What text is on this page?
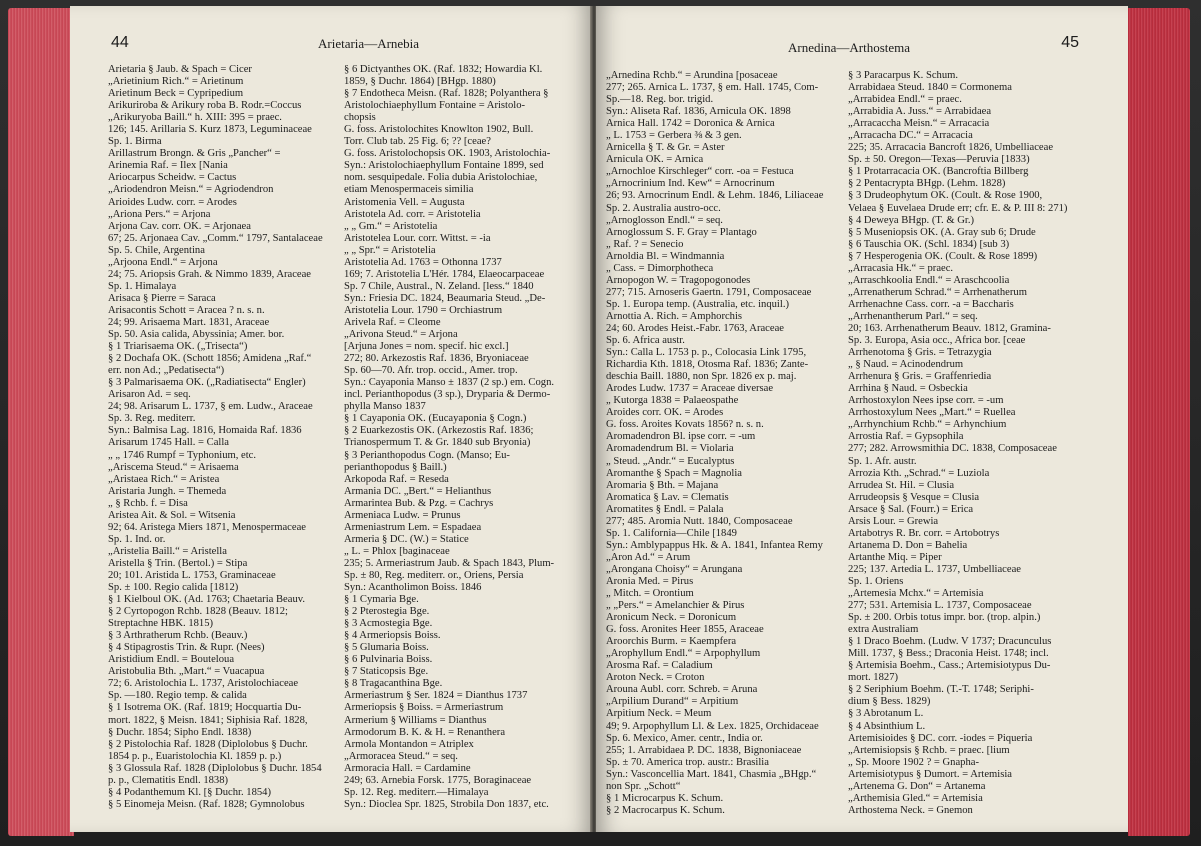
44	Arietaria—Arnebia
Arietaria § Jaub. & Spach = Cicer
„Arietinium Rich.“ = Arietinum
Arietinum Beck = Cypripedium
Arikuriroba & Arikury roba B. Rodr.=Coccus
„Arikuryoba Baill.“ h. XIII: 395 = praec.
126; 145. Arillaria S. Kurz 1873, Leguminaceae
Sp. 1. Birma
Arillastrum Brongn. & Gris „Pancher“ =
Arinemia Raf. = Ilex [Nania
Ariocarpus Scheidw. = Cactus
„Ariodendron Meisn.“ = Agriodendron
Arioides Ludw. corr. = Arodes
„Ariona Pers.“ = Arjona
Arjona Cav. corr. OK. = Arjonaea
67; 25. Arjonaea Cav. „Comm.“ 1797, Santalaceae
Sp. 5. Chile, Argentina
„Arjoona Endl.“ = Arjona
24; 75. Ariopsis Grah. & Nimmo 1839, Araceae
Sp. 1. Himalaya
Arisaca § Pierre = Saraca
Arisacontis Schott = Aracea ? n. s. n.
24; 99. Arisaema Mart. 1831, Araceae
Sp. 50. Asia calida, Abyssinia; Amer. bor.
§ 1 Triarisaema OK. („Trisecta“)
§ 2 Dochafa OK. (Schott 1856; Amidena „Raf.“
err. non Ad.; „Pedatisecta“)
§ 3 Palmarisaema OK. („Radiatisecta“ Engler)
Arisaron Ad. = seq.
24; 98. Arisarum L. 1737, § em. Ludw., Araceae
Sp. 3. Reg. mediterr.
Syn.: Balmisa Lag. 1816, Homaida Raf. 1836
Arisarum 1745 Hall. = Calla
„ „ 1746 Rumpf = Typhonium, etc.
„Ariscema Steud.“ = Arisaema
„Aristaea Rich.“ = Aristea
Aristaria Jungh. = Themeda
„ § Rchb. f. = Disa
Aristea Ait. & Sol. = Witsenia
92; 64. Aristega Miers 1871, Menospermaceae
Sp. 1. Ind. or.
„Aristelia Baill.“ = Aristella
Aristella § Trin. (Bertol.) = Stipa
20; 101. Aristida L. 1753, Graminaceae
Sp. ± 100. Regio calida [1812)
§ 1 Kielboul OK. (Ad. 1763; Chaetaria Beauv.
§ 2 Cyrtopogon Rchb. 1828 (Beauv. 1812;
Streptachne HBK. 1815)
§ 3 Arthratherum Rchb. (Beauv.)
§ 4 Stipagrostis Trin. & Rupr. (Nees)
Aristidium Endl. = Bouteloua
Aristobulia Bth. „Mart.“ = Vuacapua
72; 6. Aristolochia L. 1737, Aristolochiaceae
Sp. —180. Regio temp. & calida
§ 1 Isotrema OK. (Raf. 1819; Hocquartia Du-
mort. 1822, § Meisn. 1841; Siphisia Raf. 1828,
§ Duchr. 1854; Sipho Endl. 1838)
§ 2 Pistolochia Raf. 1828 (Diplolobus § Duchr.
1854 p. p., Euaristolochia Kl. 1859 p. p.)
§ 3 Glossula Raf. 1828 (Diplolobus § Duchr. 1854
p. p., Clematitis Endl. 1838)
§ 4 Podanthemum Kl. [§ Duchr. 1854)
§ 5 Einomeja Meisn. (Raf. 1828; Gymnolobus
§ 6 Dictyanthes OK. (Raf. 1832; Howardia Kl.
1859, § Duchr. 1864) [BHgp. 1880)
§ 7 Endotheca Meisn. (Raf. 1828; Polyanthera §
Aristolochiaephyllum Fontaine = Aristolo-
chopsis
G. foss. Aristolochites Knowlton 1902, Bull.
Torr. Club tab. 25 Fig. 6; ?? [ceae?
G. foss. Aristolochopsis OK. 1903, Aristolochia-
Syn.: Aristolochiaephyllum Fontaine 1899, sed
nom. sesquipedale. Folia dubia Aristolochiae,
etiam Menospermaceis similia
Aristomenia Vell. = Augusta
Aristotela Ad. corr. = Aristotelia
„ „ Gm.“ = Aristotelia
Aristotelea Lour. corr. Wittst. = -ia
„ „ Spr.“ = Aristotelia
Aristotelia Ad. 1763 = Othonna 1737
169; 7. Aristotelia L'Hér. 1784, Elaeocarpaceae
Sp. 7 Chile, Austral., N. Zeland. [less.“ 1840
Syn.: Friesia DC. 1824, Beaumaria Steud. „De-
Aristotelia Lour. 1790 = Orchiastrum
Arivela Raf. = Cleome
„Arivona Steud.“ = Arjona
[Arjuna Jones = nom. specif. hic excl.]
272; 80. Arkezostis Raf. 1836, Bryoniaceae
Sp. 60—70. Afr. trop. occid., Amer. trop.
Syn.: Cayaponia Manso ± 1837 (2 sp.) em. Cogn.
incl. Perianthopodus (3 sp.), Dryparia & Dermo-
phylla Manso 1837
§ 1 Cayaponia OK. (Eucayaponia § Cogn.)
§ 2 Euarkezostis OK. (Arkezostis Raf. 1836;
Trianospermum T. & Gr. 1840 sub Bryonia)
§ 3 Perianthopodus Cogn. (Manso; Eu-
perianthopodus § Baill.)
Arkopoda Raf. = Reseda
Armania DC. „Bert.“ = Helianthus
Armarintea Bub. & Pzg. = Cachrys
Armeniaca Ludw. = Prunus
Armeniastrum Lem. = Espadaea
Armeria § DC. (W.) = Statice
„ L. = Phlox [baginaceae
235; 5. Armeriastrum Jaub. & Spach 1843, Plum-
Sp. ± 80, Reg. mediterr. or., Oriens, Persia
Syn.: Acantholimon Boiss. 1846
§ 1 Cymaria Bge.
§ 2 Pterostegia Bge.
§ 3 Acmostegia Bge.
§ 4 Armeriopsis Boiss.
§ 5 Glumaria Boiss.
§ 6 Pulvinaria Boiss.
§ 7 Staticopsis Bge.
§ 8 Tragacanthina Bge.
Armeriastrum § Ser. 1824 = Dianthus 1737
Armeriopsis § Boiss. = Armeriastrum
Armerium § Williams = Dianthus
Armodorum B. K. & H. = Renanthera
Armola Montandon = Atriplex
„Armoracea Steud.“ = seq.
Armoracia Hall. = Cardamine
249; 63. Arnebia Forsk. 1775, Boraginaceae
Sp. 12. Reg. mediterr.—Himalaya
Syn.: Dioclea Spr. 1825, Strobila Don 1837, etc.
Arnedina—Arthostema	45
„Arnedina Rchb.“ = Arundina [posaceae
277; 265. Arnica L. 1737, § em. Hall. 1745, Com-
Sp.—18. Reg. bor. trigid.
Syn.: Aliseta Raf. 1836, Arnicula OK. 1898
Arnica Hall. 1742 = Doronica & Arnica
„ L. 1753 = Gerbera ⅜ & 3 gen.
Arnicella § T. & Gr. = Aster
Arnicula OK. = Arnica
„Arnochloe Kirschleger“ corr. -oa = Festuca
„Arnocrinium Ind. Kew“ = Arnocrinum
26; 93. Arnocrinum Endl. & Lehm. 1846, Liliaceae
Sp. 2. Australia austro-occ.
„Arnoglosson Endl.“ = seq.
Arnoglossum S. F. Gray = Plantago
„ Raf. ? = Senecio
Arnoldia Bl. = Windmannia
„ Cass. = Dimorphotheca
Arnopogon W. = Tragopogonodes
277; 715. Arnoseris Gaertn. 1791, Composaceae
Sp. 1. Europa temp. (Australia, etc. inquil.)
Arnottia A. Rich. = Amphorchis
24; 60. Arodes Heist.-Fabr. 1763, Araceae
Sp. 6. Africa austr.
Syn.: Calla L. 1753 p. p., Colocasia Link 1795,
Richardia Kth. 1818, Otosma Raf. 1836; Zante-
deschia Baill. 1880, non Spr. 1826 ex p. maj.
Arodes Ludw. 1737 = Araceae diversae
„ Kutorga 1838 = Palaeospathe
Aroides corr. OK. = Arodes
G. foss. Aroites Kovats 1856? n. s. n.
Aromadendron Bl. ipse corr. = -um
Aromadendrum Bl. = Violaria
„ Steud. „Andr.“ = Eucalyptus
Aromanthe § Spach = Magnolia
Aromaria § Bth. = Majana
Aromatica § Lav. = Clematis
Aromatites § Endl. = Palala
277; 485. Aromia Nutt. 1840, Composaceae
Sp. 1. California—Chile [1849
Syn.: Amblypappus Hk. & A. 1841, Infantea Remy
„Aron Ad.“ = Arum
„Arongana Choisy“ = Arungana
Aronia Med. = Pirus
„ Mitch. = Orontium
„ „Pers.“ = Amelanchier & Pirus
Aronicum Neck. = Doronicum
G. foss. Aronites Heer 1855, Araceae
Aroorchis Burm. = Kaempfera
„Arophyllum Endl.“ = Arpophyllum
Arosma Raf. = Caladium
Aroton Neck. = Croton
Arouna Aubl. corr. Schreb. = Aruna
„Arpilium Durand“ = Arpitium
Arpitium Neck. = Meum
49; 9. Arpophyllum Ll. & Lex. 1825, Orchidaceae
Sp. 6. Mexico, Amer. centr., India or.
255; 1. Arrabidaea P. DC. 1838, Bignoniaceae
Sp. ± 70. America trop. austr.: Brasilia
Syn.: Vasconcellia Mart. 1841, Chasmia „BHgp.“
non Spr. „Schott“
§ 1 Microcarpus K. Schum.
§ 2 Macrocarpus K. Schum.
§ 3 Paracarpus K. Schum.
Arrabidaea Steud. 1840 = Cormonema
„Arrabidea Endl.“ = praec.
„Arrabidia A. Juss.“ = Arrabidaea
„Arracaccha Meisn.“ = Arracacia
„Arracacha DC.“ = Arracacia
225; 35. Arracacia Bancroft 1826, Umbelliaceae
Sp. ± 50. Oregon—Texas—Peruvia [1833)
§ 1 Protarracacia OK. (Bancroftia Billberg
§ 2 Pentacrypta BHgp. (Lehm. 1828)
§ 3 Drudeophytum OK. (Coult. & Rose 1900,
Velaea § Euvelaea Drude err; cfr. E. & P. III 8: 271)
§ 4 Deweya BHgp. (T. & Gr.)
§ 5 Museniopsis OK. (A. Gray sub 6; Drude
§ 6 Tauschia OK. (Schl. 1834) [sub 3)
§ 7 Hesperogenia OK. (Coult. & Rose 1899)
„Arracasia Hk.“ = praec.
„Arraschkoolia Endl.“ = Araschcoolia
„Arrenatherum Schrad.“ = Arrhenatherum
Arrhenachne Cass. corr. -a = Baccharis
„Arrhenantherum Parl.“ = seq.
20; 163. Arrhenatherum Beauv. 1812, Gramina-
Sp. 3. Europa, Asia occ., Africa bor. [ceae
Arrhenotoma § Gris. = Tetrazygia
„ § Naud. = Acinodendrum
Arrhenura § Gris. = Graffenriedia
Arrhina § Naud. = Osbeckia
Arrhostoxylon Nees ipse corr. = -um
Arrhostoxylum Nees „Mart.“ = Ruellea
„Arrhynchium Rchb.“ = Arhynchium
Arrostia Raf. = Gypsophila
277; 282. Arrowsmithia DC. 1838, Composaceae
Sp. 1. Afr. austr.
Arrozia Kth. „Schrad.“ = Luziola
Arrudea St. Hil. = Clusia
Arrudeopsis § Vesque = Clusia
Arsace § Sal. (Fourr.) = Erica
Arsis Lour. = Grewia
Artabotrys R. Br. corr. = Artobotrys
Artanema D. Don = Bahelia
Artanthe Miq. = Piper
225; 137. Artedia L. 1737, Umbelliaceae
Sp. 1. Oriens
„Artemesia Mchx.“ = Artemisia
277; 531. Artemisia L. 1737, Composaceae
Sp. ± 200. Orbis totus impr. bor. (trop. alpin.)
extra Australiam
§ 1 Draco Boehm. (Ludw. V 1737; Dracunculus
Mill. 1737, § Bess.; Draconia Heist. 1748; incl.
§ Artemisia Boehm., Cass.; Artemisiotypus Du-
mort. 1827)
§ 2 Seriphium Boehm. (T.-T. 1748; Seriphi-
dium § Bess. 1829)
§ 3 Abrotanum L.
§ 4 Absinthium L.
Artemisioides § DC. corr. -iodes = Piqueria
„Artemisiopsis § Rchb. = praec. [lium
„ Sp. Moore 1902 ? = Gnapha-
Artemisiotypus § Dumort. = Artemisia
„Artenema G. Don“ = Artanema
„Arthemisia Gled.“ = Artemisia
Arthostema Neck. = Gnemon
